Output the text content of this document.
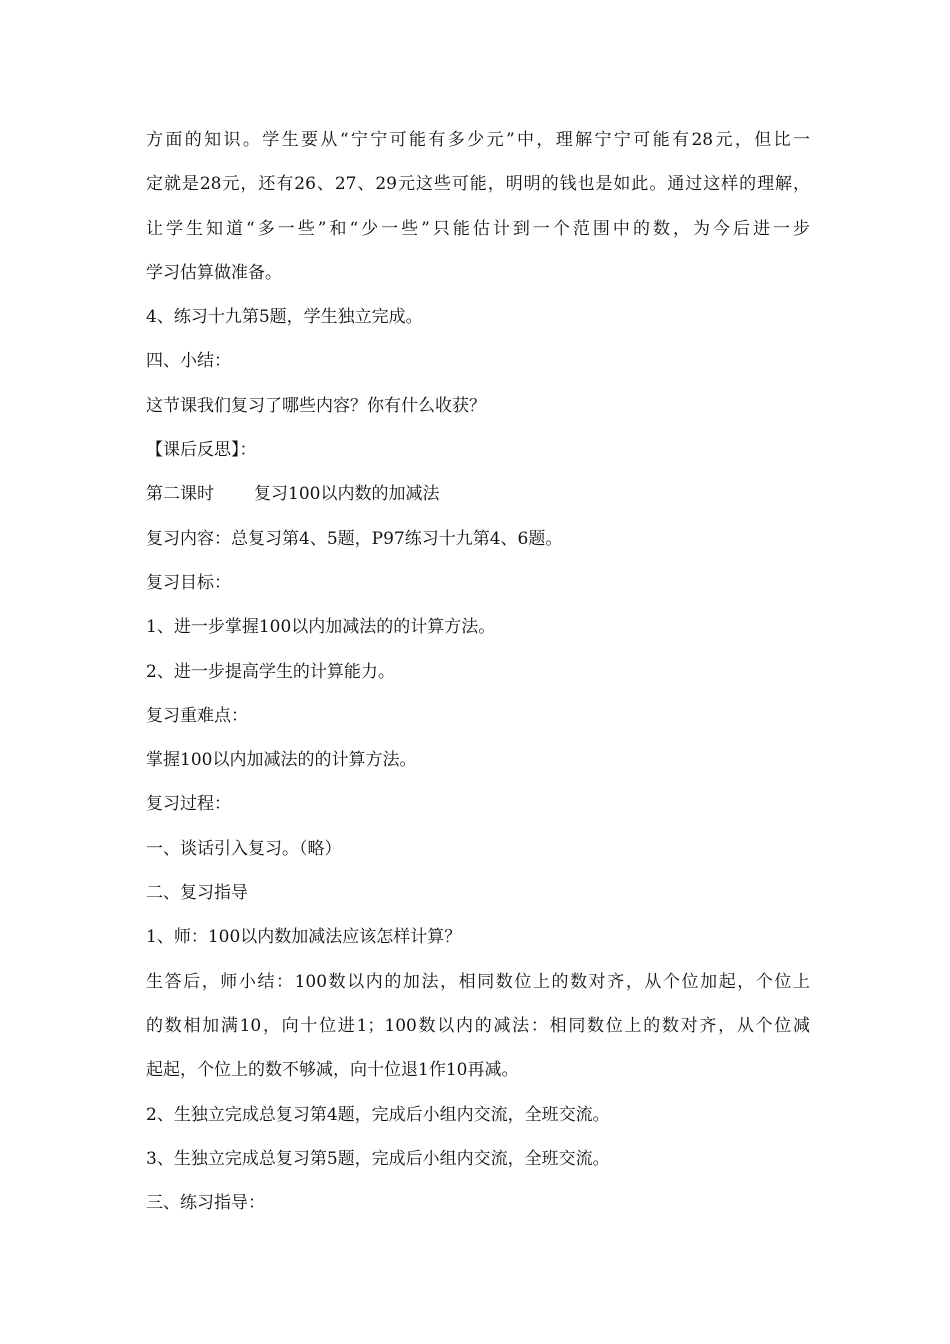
方面的知识。学生要从“宁宁可能有多少元”中，理解宁宁可能有28元，但比一
定就是28元，还有26、27、29元这些可能，明明的钱也是如此。通过这样的理解，
让学生知道“多一些”和“少一些”只能估计到一个范围中的数，为今后进一步
学习估算做准备。
4、练习十九第5题，学生独立完成。
四、小结：
这节课我们复习了哪些内容？你有什么收获？
【课后反思】：
第二课时 复习100以内数的加减法
复习内容：总复习第4、5题，P97练习十九第4、6题。
复习目标：
1、进一步掌握100以内加减法的的计算方法。
2、进一步提高学生的计算能力。
复习重难点：
掌握100以内加减法的的计算方法。
复习过程：
一、谈话引入复习。（略）
二、复习指导
1、师：100以内数加减法应该怎样计算？
生答后，师小结：100数以内的加法，相同数位上的数对齐，从个位加起，个位上
的数相加满10，向十位进1；100数以内的减法：相同数位上的数对齐，从个位减
起起，个位上的数不够减，向十位退1作10再减。
2、生独立完成总复习第4题，完成后小组内交流，全班交流。
3、生独立完成总复习第5题，完成后小组内交流，全班交流。
三、练习指导：
